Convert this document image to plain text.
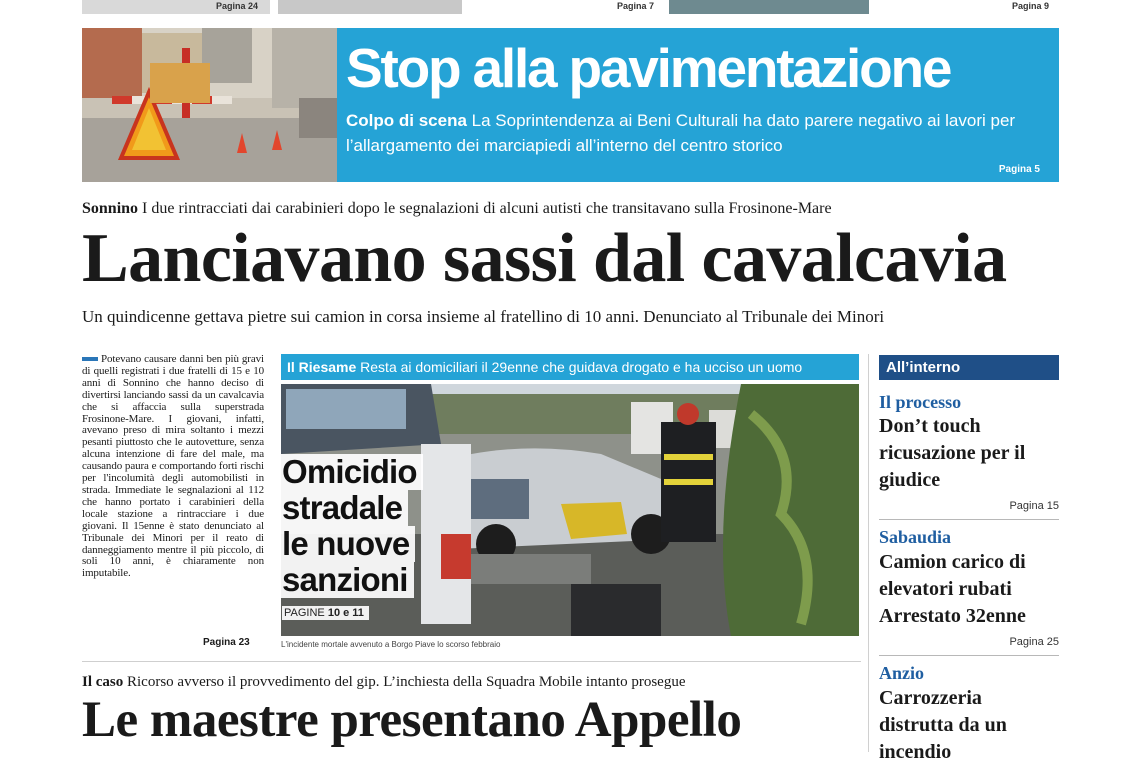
Pagina 24	Pagina 7	Pagina 9
Stop alla pavimentazione
Colpo di scena La Soprintendenza ai Beni Culturali ha dato parere negativo ai lavori per l’allargamento dei marciapiedi all’interno del centro storico
Pagina 5
Sonnino I due rintracciati dai carabinieri dopo le segnalazioni di alcuni autisti che transitavano sulla Frosinone-Mare
Lanciavano sassi dal cavalcavia
Un quindicenne gettava pietre sui camion in corsa insieme al fratellino di 10 anni. Denunciato al Tribunale dei Minori
Potevano causare danni ben più gravi di quelli registrati i due fratelli di 15 e 10 anni di Sonnino che hanno deciso di divertirsi lanciando sassi da un cavalcavia che si affaccia sulla superstrada Frosinone-Mare. I giovani, infatti, avevano preso di mira soltanto i mezzi pesanti piuttosto che le autovetture, senza alcuna intenzione di fare del male, ma causando paura e comportando forti rischi per l'incolumità degli automobilisti in strada. Immediate le segnalazioni al 112 che hanno portato i carabinieri della locale stazione a rintracciare i due giovani. Il 15enne è stato denunciato al Tribunale dei Minori per il reato di danneggiamento mentre il più piccolo, di soli 10 anni, è chiaramente non imputabile.
Pagina 23
Il Riesame Resta ai domiciliari il 29enne che guidava drogato e ha ucciso un uomo
Omicidio
stradale
le nuove
sanzioni
PAGINE 10 e 11
L'incidente mortale avvenuto a Borgo Piave lo scorso febbraio
All’interno
Il processo
Don’t touch ricusazione per il giudice
Pagina 15
Sabaudia
Camion carico di elevatori rubati Arrestato 32enne
Pagina 25
Anzio
Carrozzeria distrutta da un incendio
Il caso Ricorso avverso il provvedimento del gip. L’inchiesta della Squadra Mobile intanto prosegue
Le maestre presentano Appello
